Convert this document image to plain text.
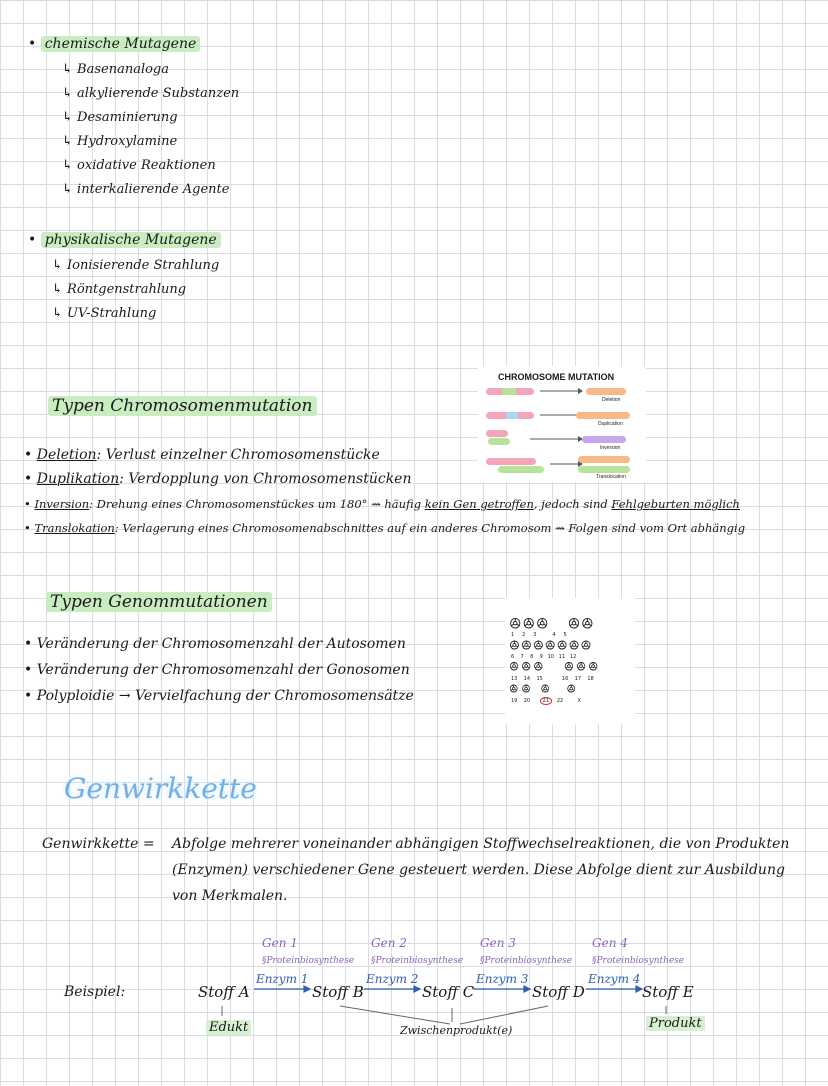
• chemische Mutagene
↳ Basenanaloga
↳ alkylierende Substanzen
↳ Desaminierung
↳ Hydroxylamine
↳ oxidative Reaktionen
↳ interkalierende Agente
• physikalische Mutagene
↳ Ionisierende Strahlung
↳ Röntgenstrahlung
↳ UV-Strahlung
CHROMOSOME MUTATION
Deletion
Duplication
Inversion
Translocation
Typen Chromosomenmutation
• Deletion: Verlust einzelner Chromosomenstücke
• Duplikation: Verdopplung von Chromosomenstücken
• Inversion: Drehung eines Chromosomenstückes um 180° ⇝ häufig kein Gen getroffen, jedoch sind Fehlgeburten möglich
• Translokation: Verlagerung eines Chromosomenabschnittes auf ein anderes Chromosom ⇝ Folgen sind vom Ort abhängig
Typen Genommutationen
ꔮꔮꔮ   ꔮꔮ
ꔮꔮꔮꔮꔮꔮꔮ
ꔮꔮꔮ   ꔮꔮꔮ
ꔮꔮ ꔮ  ꔮ
1 2 3	4 5
6 7 8 9 10 11 12
13 14 15	16 17 18
19 20	21 22	X
• Veränderung der Chromosomenzahl der Autosomen
• Veränderung der Chromosomenzahl der Gonosomen
• Polyploidie → Vervielfachung der Chromosomensätze
Genwirkkette
Genwirkkette = Abfolge mehrerer voneinander abhängigen Stoffwechselreaktionen, die von Produkten
(Enzymen) verschiedener Gene gesteuert werden. Diese Abfolge dient zur Ausbildung
von Merkmalen.
Beispiel:
Gen 1	Gen 2	Gen 3	Gen 4
§Proteinbiosynthese §Proteinbiosynthese §Proteinbiosynthese §Proteinbiosynthese
Enzym 1	Enzym 2	Enzym 3	Enzym 4
Stoff A	Stoff B	Stoff C	Stoff D	Stoff E
Edukt	Zwischenprodukt(e)	Produkt
